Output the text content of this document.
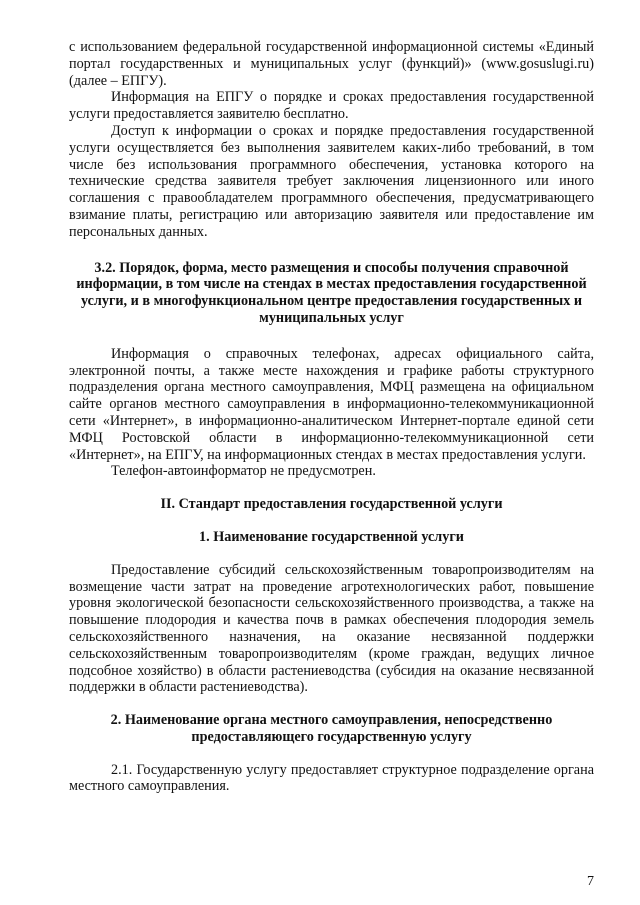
с использованием федеральной государственной информационной системы «Единый портал государственных и муниципальных услуг (функций)» (www.gosuslugi.ru) (далее – ЕПГУ).

Информация на ЕПГУ о порядке и сроках предоставления государственной услуги предоставляется заявителю бесплатно.

Доступ к информации о сроках и порядке предоставления государственной услуги осуществляется без выполнения заявителем каких-либо требований, в том числе без использования программного обеспечения, установка которого на технические средства заявителя требует заключения лицензионного или иного соглашения с правообладателем программного обеспечения, предусматривающего взимание платы, регистрацию или авторизацию заявителя или предоставление им персональных данных.

3.2. Порядок, форма, место размещения и способы получения справочной информации, в том числе на стендах в местах предоставления государственной услуги, и в многофункциональном центре предоставления государственных и муниципальных услуг

Информация о справочных телефонах, адресах официального сайта, электронной почты, а также месте нахождения и графике работы структурного подразделения органа местного самоуправления, МФЦ размещена на официальном сайте органов местного самоуправления в информационно-телекоммуникационной сети «Интернет», в информационно-аналитическом Интернет-портале единой сети МФЦ Ростовской области в информационно-телекоммуникационной сети «Интернет», на ЕПГУ, на информационных стендах в местах предоставления услуги.

Телефон-автоинформатор не предусмотрен.

II. Стандарт предоставления государственной услуги

1. Наименование государственной услуги

Предоставление субсидий сельскохозяйственным товаропроизводителям на возмещение части затрат на проведение агротехнологических работ, повышение уровня экологической безопасности сельскохозяйственного производства, а также на повышение плодородия и качества почв в рамках обеспечения плодородия земель сельскохозяйственного назначения, на оказание несвязанной поддержки сельскохозяйственным товаропроизводителям (кроме граждан, ведущих личное подсобное хозяйство) в области растениеводства (субсидия на оказание несвязанной поддержки в области растениеводства).

2. Наименование органа местного самоуправления, непосредственно предоставляющего государственную услугу

2.1. Государственную услугу предоставляет структурное подразделение органа местного самоуправления.

7
